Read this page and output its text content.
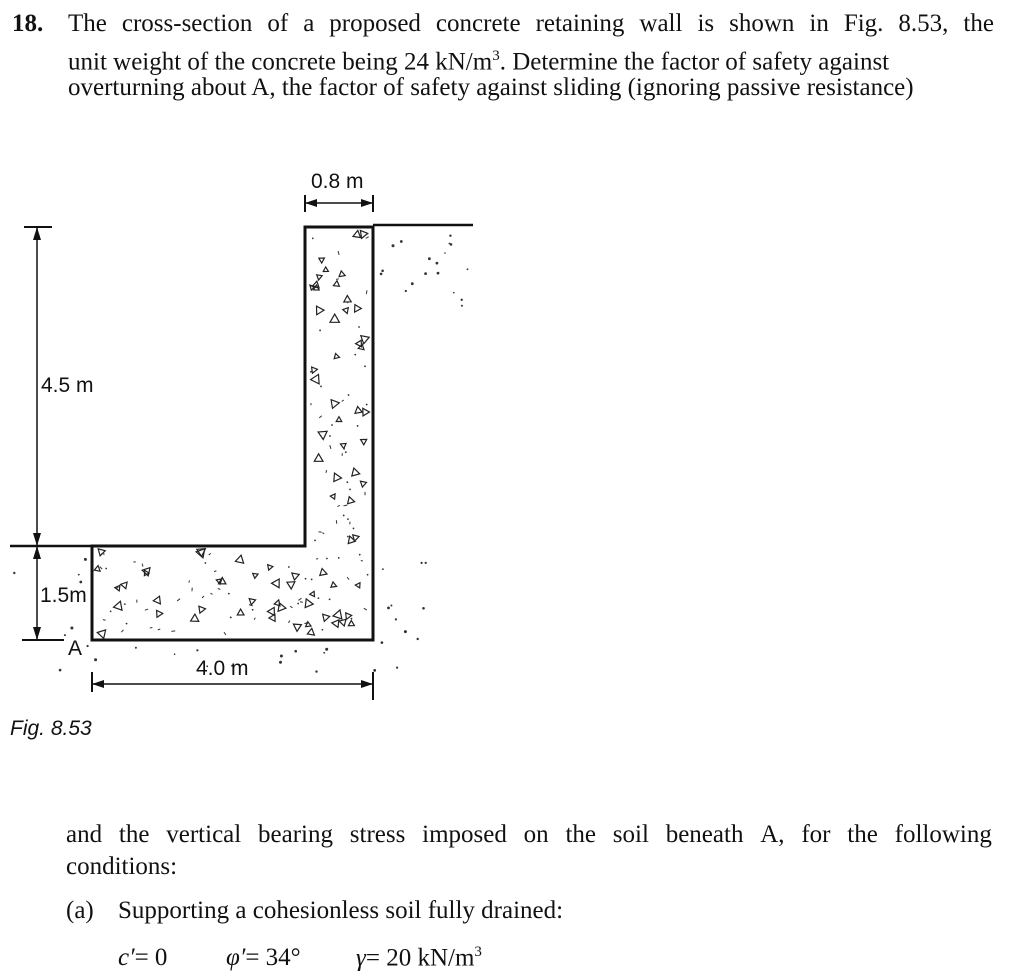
18. The cross-section of a proposed concrete retaining wall is shown in Fig. 8.53, the
unit weight of the concrete being 24 $kN/m^3$. Determine the factor of safety against
overturning about A, the factor of safety against sliding (ignoring passive resistance)
0.8 m
4.5 m
1.5m
A
4.0 m
Fig. 8.53
and the vertical bearing stress imposed on the soil beneath A, for the following
conditions:
(a) Supporting a cohesionless soil fully drained:
c′= 0 φ′= 34° γ= 20 $kN/m^3$
